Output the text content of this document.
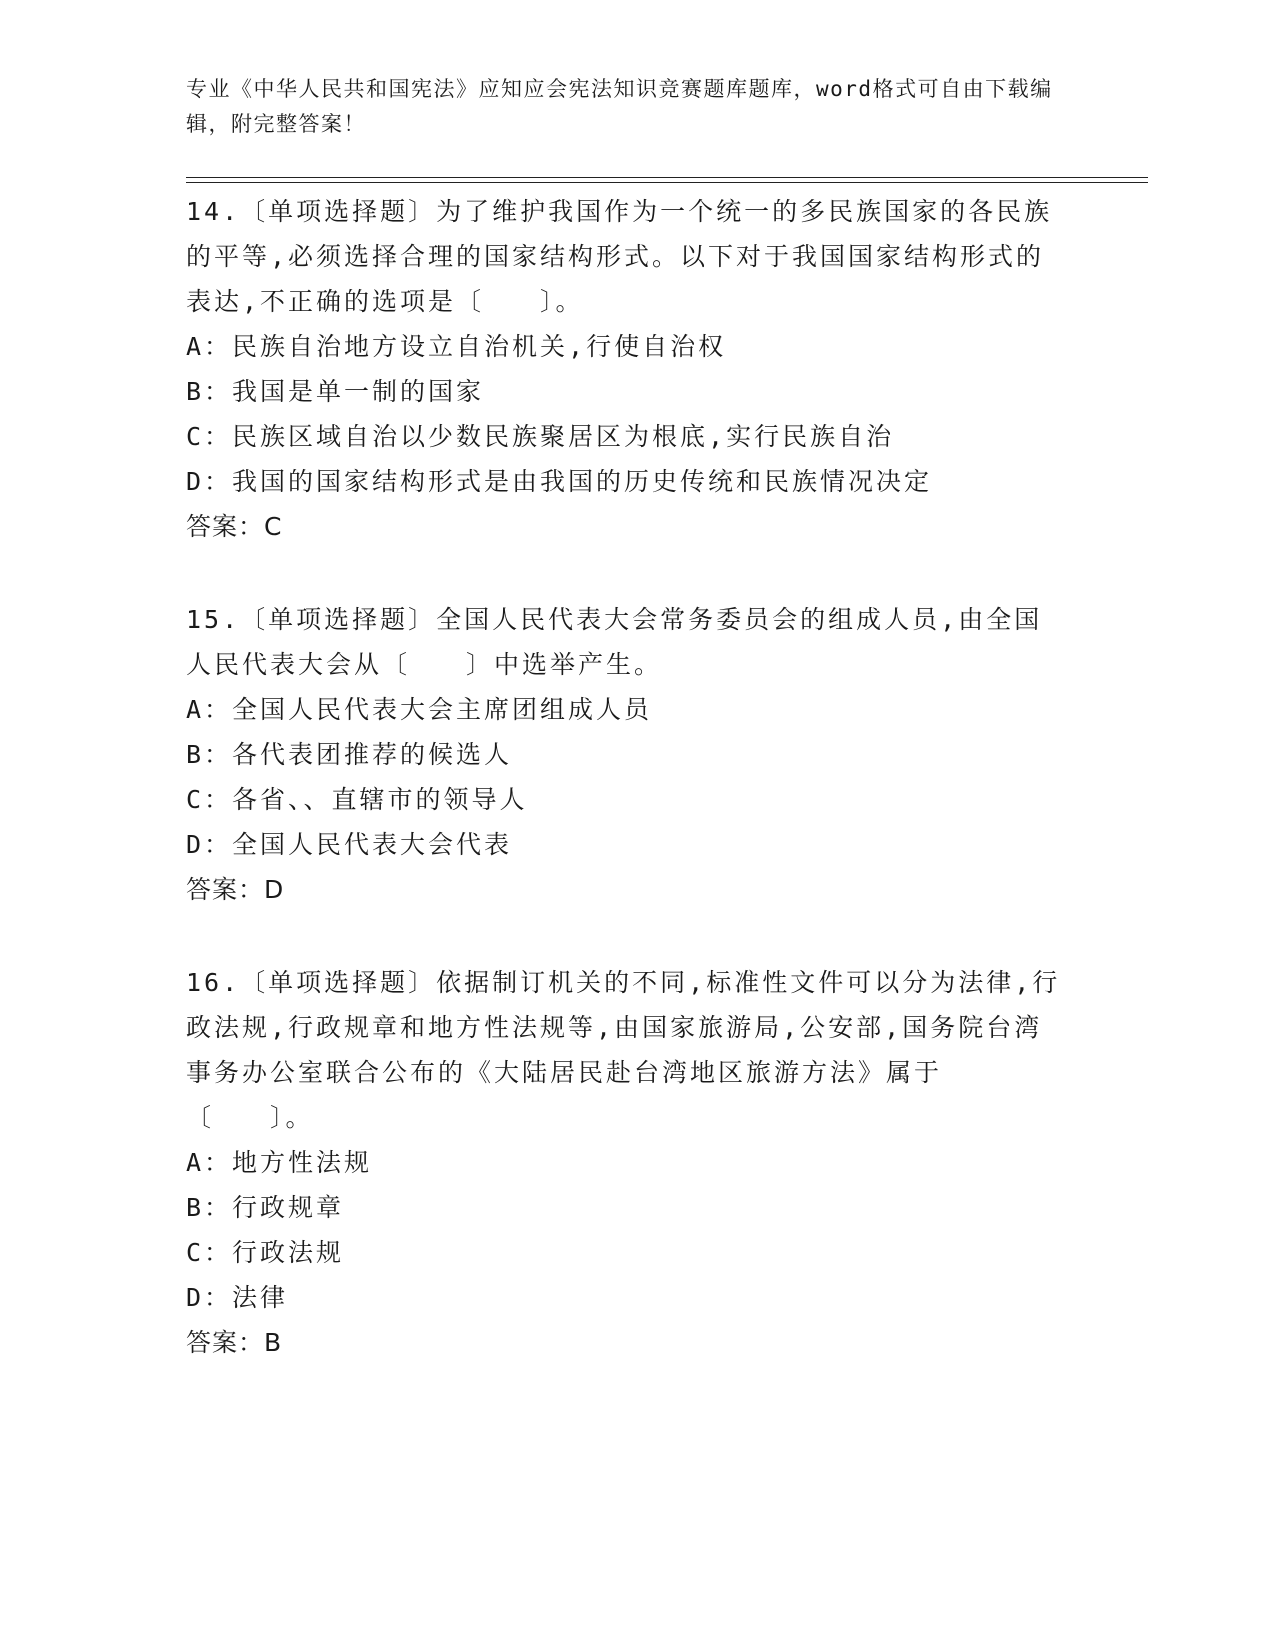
专业《中华人民共和国宪法》应知应会宪法知识竞赛题库题库，word格式可自由下载编辑，附完整答案！

14.〔单项选择题〕为了维护我国作为一个统一的多民族国家的各民族的平等,必须选择合理的国家结构形式。以下对于我国国家结构形式的表达,不正确的选项是〔　　〕。

A：民族自治地方设立自治机关,行使自治权

B：我国是单一制的国家

C：民族区域自治以少数民族聚居区为根底,实行民族自治

D：我国的国家结构形式是由我国的历史传统和民族情况决定

答案：C

15.〔单项选择题〕全国人民代表大会常务委员会的组成人员,由全国人民代表大会从〔　　〕中选举产生。

A：全国人民代表大会主席团组成人员

B：各代表团推荐的候选人

C：各省、、直辖市的领导人

D：全国人民代表大会代表

答案：D

16.〔单项选择题〕依据制订机关的不同,标准性文件可以分为法律,行政法规,行政规章和地方性法规等,由国家旅游局,公安部,国务院台湾事务办公室联合公布的《大陆居民赴台湾地区旅游方法》属于〔　　〕。

A：地方性法规

B：行政规章

C：行政法规

D：法律

答案：B
